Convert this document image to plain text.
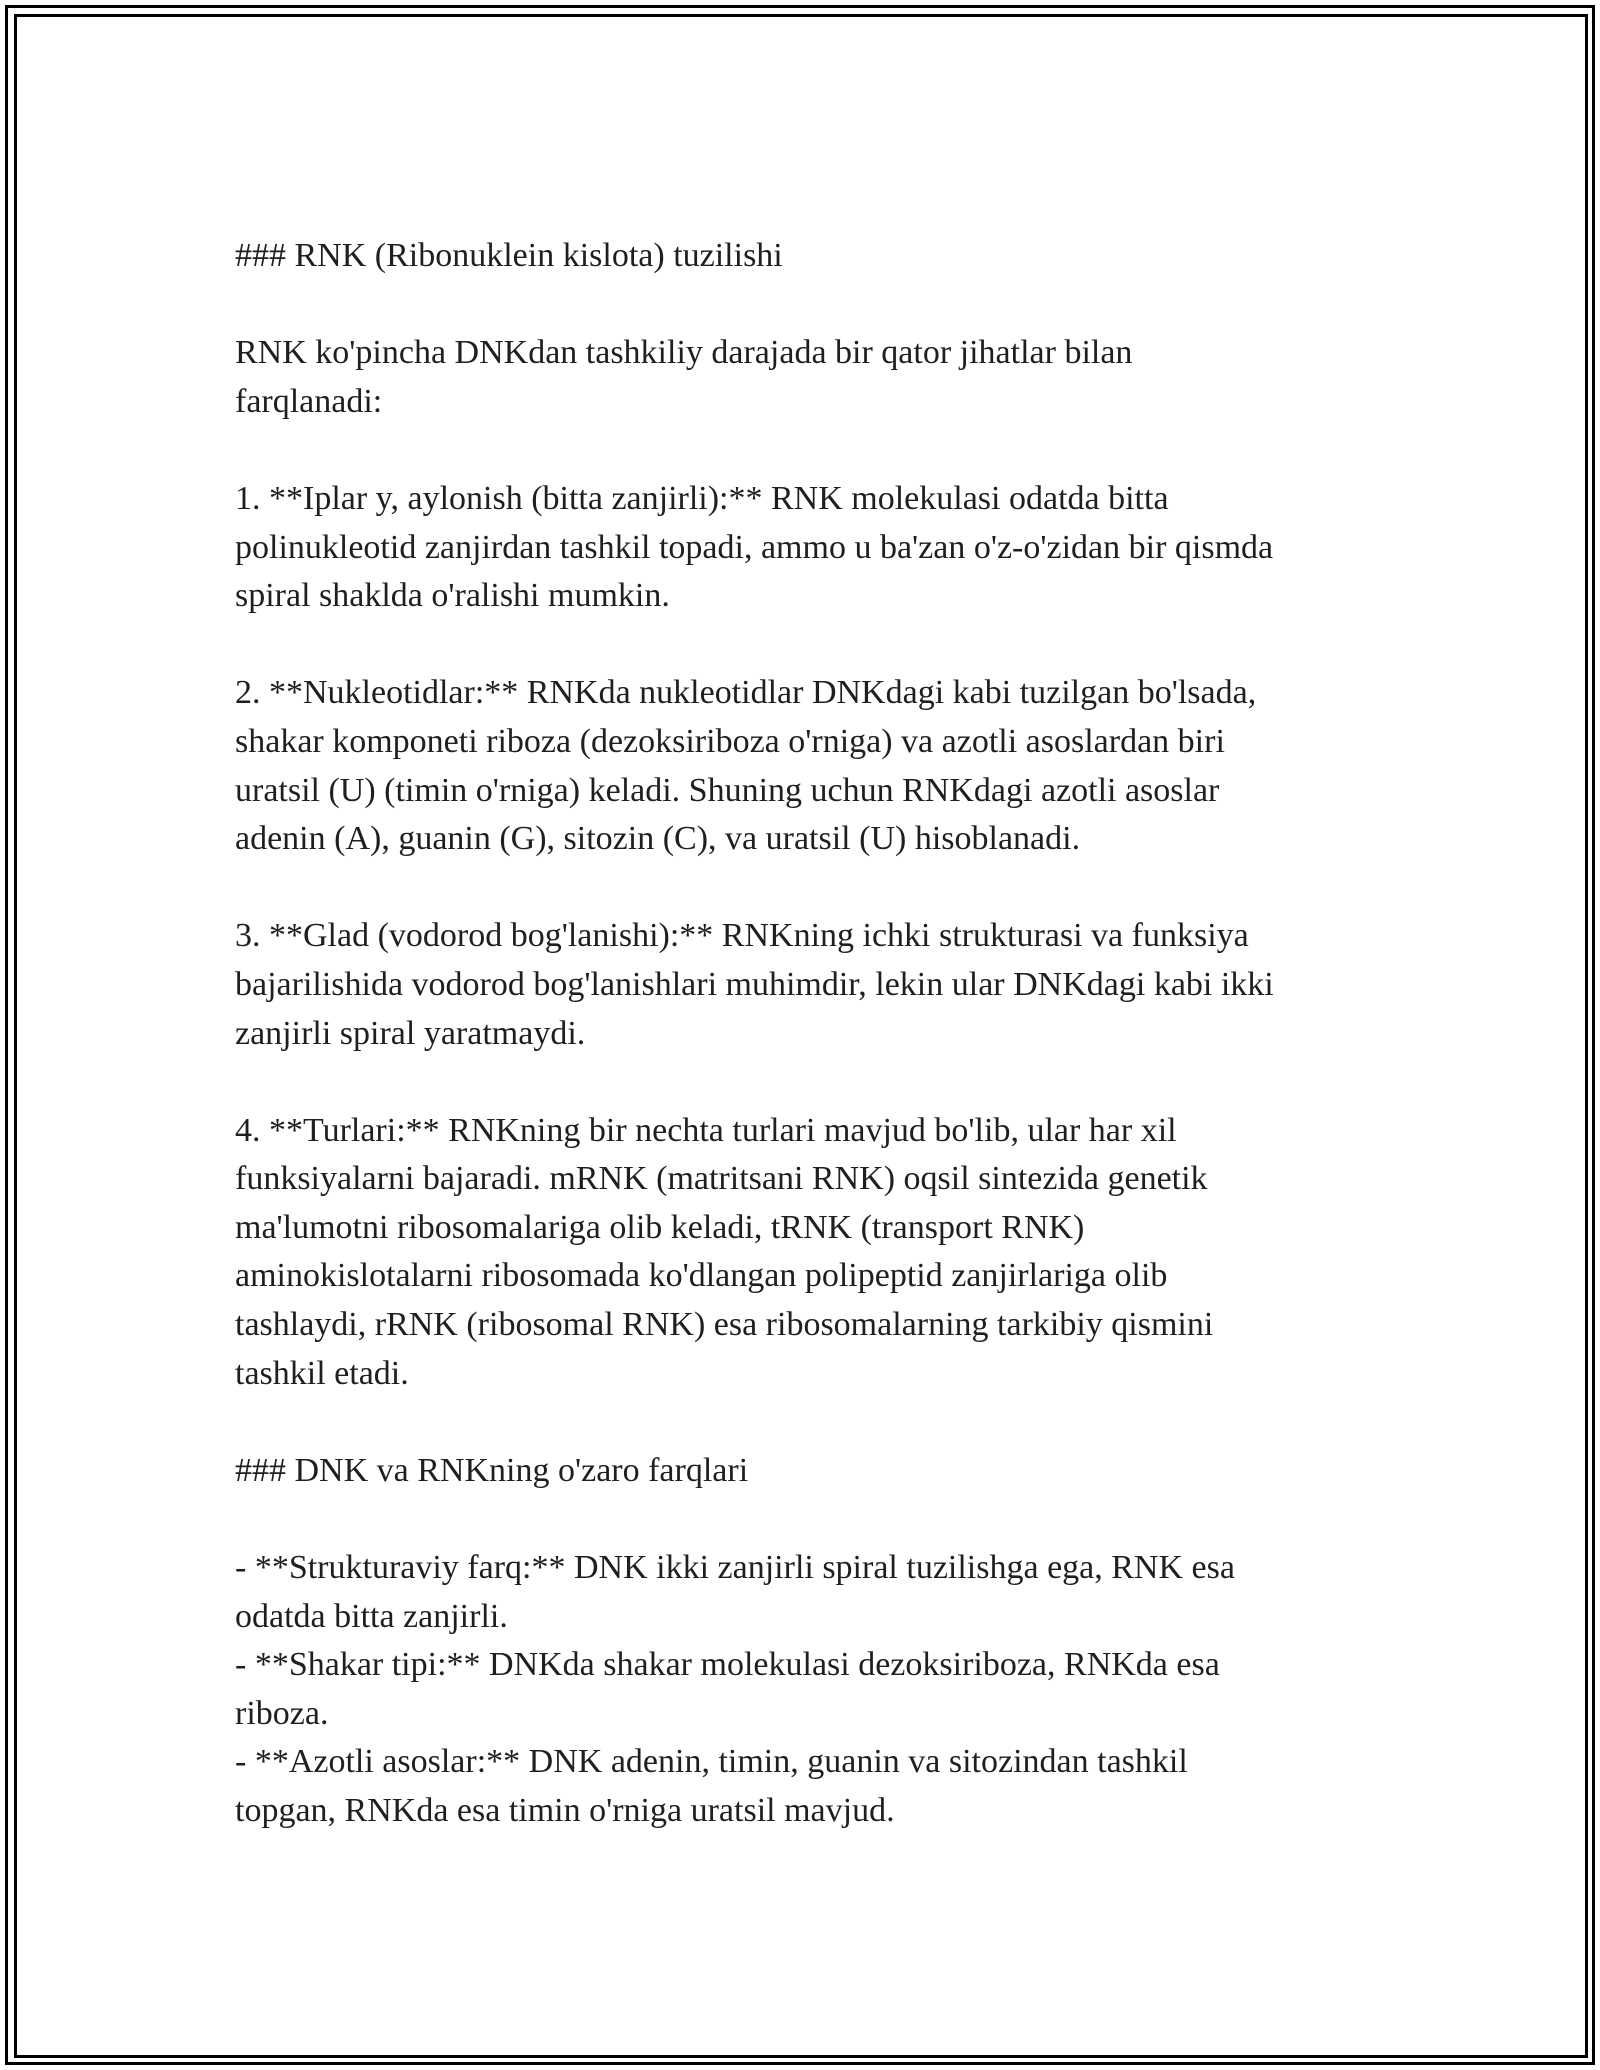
### RNK (Ribonuklein kislota) tuzilishi

RNK ko'pincha DNKdan tashkiliy darajada bir qator jihatlar bilan

farqlanadi:

1. **Iplar y, aylonish (bitta zanjirli):** RNK molekulasi odatda bitta

polinukleotid zanjirdan tashkil topadi, ammo u ba'zan o'z-o'zidan bir qismda

spiral shaklda o'ralishi mumkin.

2. **Nukleotidlar:** RNKda nukleotidlar DNKdagi kabi tuzilgan bo'lsada,

shakar komponeti riboza (dezoksiriboza o'rniga) va azotli asoslardan biri

uratsil (U) (timin o'rniga) keladi. Shuning uchun RNKdagi azotli asoslar

adenin (A), guanin (G), sitozin (C), va uratsil (U) hisoblanadi.

3. **Glad (vodorod bog'lanishi):** RNKning ichki strukturasi va funksiya

bajarilishida vodorod bog'lanishlari muhimdir, lekin ular DNKdagi kabi ikki

zanjirli spiral yaratmaydi.

4. **Turlari:** RNKning bir nechta turlari mavjud bo'lib, ular har xil

funksiyalarni bajaradi. mRNK (matritsani RNK) oqsil sintezida genetik

ma'lumotni ribosomalariga olib keladi, tRNK (transport RNK)

aminokislotalarni ribosomada ko'dlangan polipeptid zanjirlariga olib

tashlaydi, rRNK (ribosomal RNK) esa ribosomalarning tarkibiy qismini

tashkil etadi.

### DNK va RNKning o'zaro farqlari

- **Strukturaviy farq:** DNK ikki zanjirli spiral tuzilishga ega, RNK esa

odatda bitta zanjirli.

- **Shakar tipi:** DNKda shakar molekulasi dezoksiriboza, RNKda esa

riboza.

- **Azotli asoslar:** DNK adenin, timin, guanin va sitozindan tashkil

topgan, RNKda esa timin o'rniga uratsil mavjud.
